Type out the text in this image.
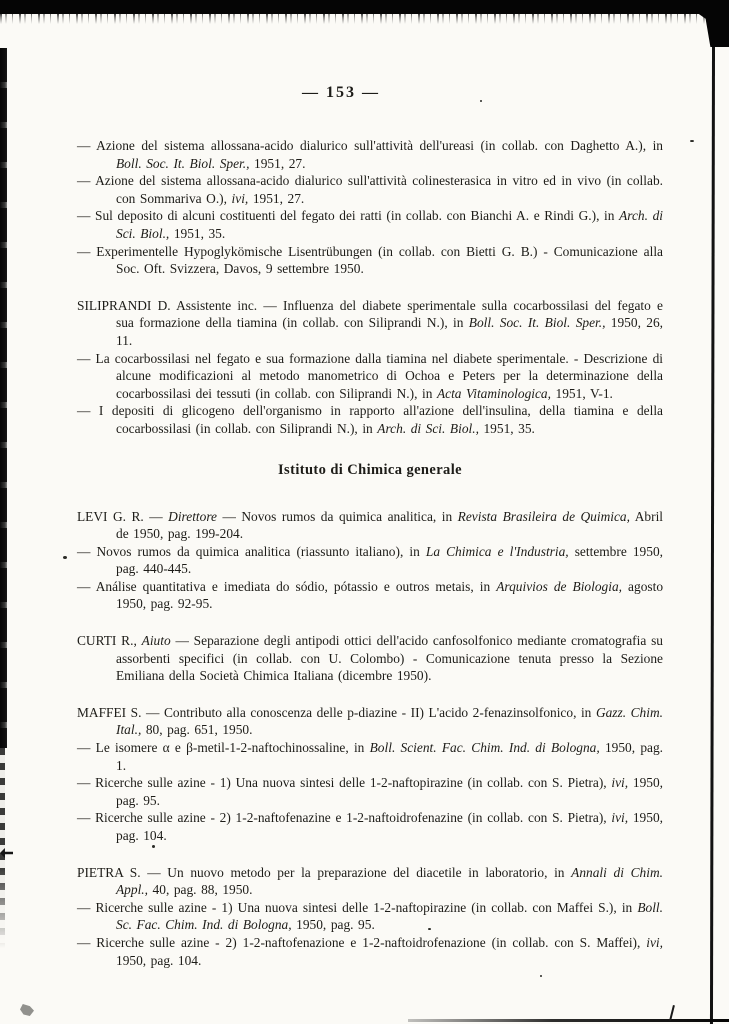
— 153 —

— Azione del sistema allossana-acido dialurico sull'attività dell'ureasi (in collab. con Daghetto A.), in Boll. Soc. It. Biol. Sper., 1951, 27.

— Azione del sistema allossana-acido dialurico sull'attività colinesterasica in vitro ed in vivo (in collab. con Sommariva O.), ivi, 1951, 27.

— Sul deposito di alcuni costituenti del fegato dei ratti (in collab. con Bianchi A. e Rindi G.), in Arch. di Sci. Biol., 1951, 35.

— Experimentelle Hypoglykömische Lisentrübungen (in collab. con Bietti G. B.) - Comunicazione alla Soc. Oft. Svizzera, Davos, 9 settembre 1950.

SILIPRANDI D. Assistente inc. — Influenza del diabete sperimentale sulla cocarbossilasi del fegato e sua formazione della tiamina (in collab. con Siliprandi N.), in Boll. Soc. It. Biol. Sper., 1950, 26, 11.

— La cocarbossilasi nel fegato e sua formazione dalla tiamina nel diabete sperimentale. - Descrizione di alcune modificazioni al metodo manometrico di Ochoa e Peters per la determinazione della cocarbossilasi dei tessuti (in collab. con Siliprandi N.), in Acta Vitaminologica, 1951, V-1.

— I depositi di glicogeno dell'organismo in rapporto all'azione dell'insulina, della tiamina e della cocarbossilasi (in collab. con Siliprandi N.), in Arch. di Sci. Biol., 1951, 35.

Istituto di Chimica generale

LEVI G. R. — Direttore — Novos rumos da quimica analitica, in Revista Brasileira de Quimica, Abril de 1950, pag. 199-204.

— Novos rumos da quimica analitica (riassunto italiano), in La Chimica e l'Industria, settembre 1950, pag. 440-445.

— Análise quantitativa e imediata do sódio, pótassio e outros metais, in Arquivios de Biologia, agosto 1950, pag. 92-95.

CURTI R., Aiuto — Separazione degli antipodi ottici dell'acido canfosolfonico mediante cromatografia su assorbenti specifici (in collab. con U. Colombo) - Comunicazione tenuta presso la Sezione Emiliana della Società Chimica Italiana (dicembre 1950).

MAFFEI S. — Contributo alla conoscenza delle p-diazine - II) L'acido 2-fenazinsolfonico, in Gazz. Chim. Ital., 80, pag. 651, 1950.

— Le isomere α e β-metil-1-2-naftochinossaline, in Boll. Scient. Fac. Chim. Ind. di Bologna, 1950, pag. 1.

— Ricerche sulle azine - 1) Una nuova sintesi delle 1-2-naftopirazine (in collab. con S. Pietra), ivi, 1950, pag. 95.

— Ricerche sulle azine - 2) 1-2-naftofenazine e 1-2-naftoidrofenazine (in collab. con S. Pietra), ivi, 1950, pag. 104.

PIETRA S. — Un nuovo metodo per la preparazione del diacetile in laboratorio, in Annali di Chim. Appl., 40, pag. 88, 1950.

— Ricerche sulle azine - 1) Una nuova sintesi delle 1-2-naftopirazine (in collab. con Maffei S.), in Boll. Sc. Fac. Chim. Ind. di Bologna, 1950, pag. 95.

— Ricerche sulle azine - 2) 1-2-naftofenazione e 1-2-naftoidrofenazione (in collab. con S. Maffei), ivi, 1950, pag. 104.
